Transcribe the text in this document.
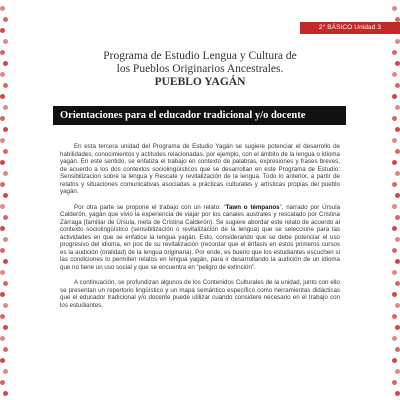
2° BÁSICO Unidad 3
Programa de Estudio Lengua y Cultura de
los Pueblos Originarios Ancestrales.
PUEBLO YAGÁN
Orientaciones para el educador tradicional y/o docente

En esta tercera unidad del Programa de Estudio Yagán se sugiere potenciar el desarrollo de habilidades, conocimientos y actitudes relacionadas, por ejemplo, con el ámbito de la lengua o idioma yagán. En este sentido, se enfatiza el trabajo en contexto de palabras, expresiones y frases breves, de acuerdo a los dos contextos sociolingüísticos que se desarrollan en este Programa de Estudio: Sensibilización sobre la lengua y Rescate y revitalización de la lengua. Todo lo anterior, a partir de relatos y situaciones comunicativas asociadas a prácticas culturales y artísticas propias del pueblo yagán.

Por otra parte se propone el trabajo con un relato: “Tawn o témpanos”, narrado por Úrsula Calderón, yagán que vivió la experiencia de viajar por los canales australes y rescatado por Cristina Zárraga (familiar de Úrsula, nieta de Cristina Calderón). Se sugiere abordar este relato de acuerdo al contexto sociolingüístico (sensibilización o revitalización de la lengua) que se seleccione para las actividades en que se enfatice la lengua yagán. Esto, considerando que se debe potenciar el uso progresivo del idioma, en pos de su revitalización (recordar que el énfasis en estos primeros cursos es la audición (oralidad) de la lengua originaria). Por ende, es bueno que los estudiantes escuchen si las condiciones lo permiten relatos en lengua yagán, para ir desarrollando la audición de un idioma que no tiene un uso social y que se encuentra en “peligro de extinción”.

A continuación, se profundizan algunos de los Contenidos Culturales de la unidad, junto con ello se presentan un repertorio lingüístico y un mapa semántico específico como herramientas didácticas que el educador tradicional y/o docente puede utilizar cuando considere necesario en el trabajo con los estudiantes.
